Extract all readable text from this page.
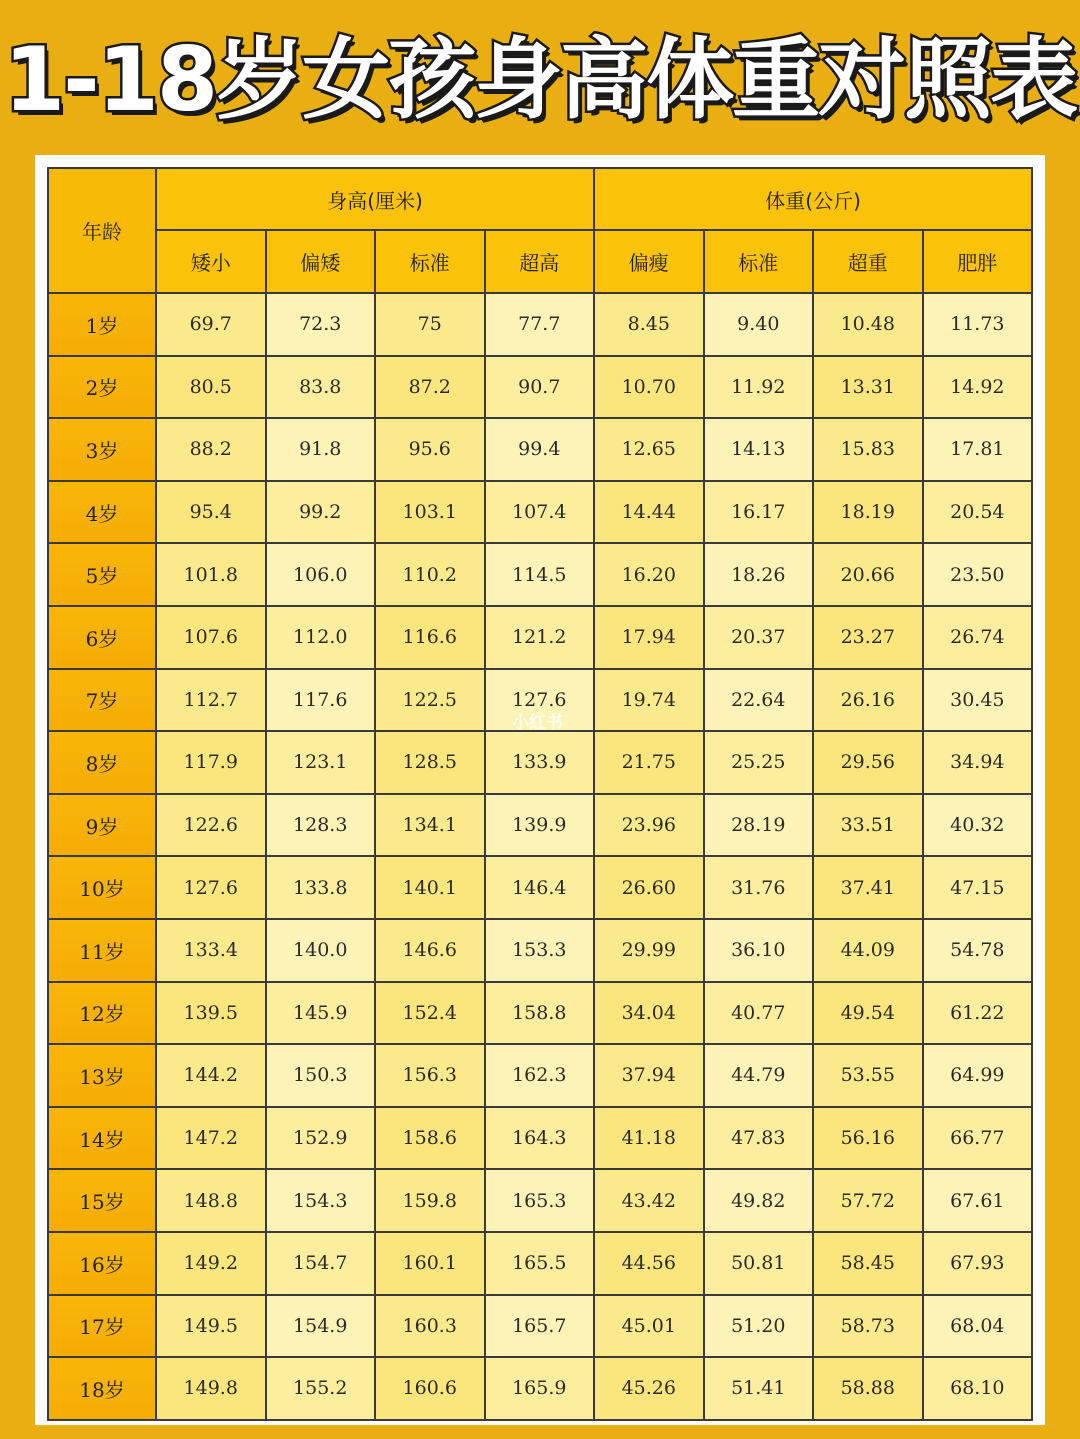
1-18岁女孩身高体重对照表
年龄	身高(厘米)				体重(公斤)			
	矮小	偏矮	标准	超高	偏瘦	标准	超重	肥胖
1岁	69.7	72.3	75	77.7	8.45	9.40	10.48	11.73
2岁	80.5	83.8	87.2	90.7	10.70	11.92	13.31	14.92
3岁	88.2	91.8	95.6	99.4	12.65	14.13	15.83	17.81
4岁	95.4	99.2	103.1	107.4	14.44	16.17	18.19	20.54
5岁	101.8	106.0	110.2	114.5	16.20	18.26	20.66	23.50
6岁	107.6	112.0	116.6	121.2	17.94	20.37	23.27	26.74
7岁	112.7	117.6	122.5	127.6	19.74	22.64	26.16	30.45
8岁	117.9	123.1	128.5	133.9	21.75	25.25	29.56	34.94
9岁	122.6	128.3	134.1	139.9	23.96	28.19	33.51	40.32
10岁	127.6	133.8	140.1	146.4	26.60	31.76	37.41	47.15
11岁	133.4	140.0	146.6	153.3	29.99	36.10	44.09	54.78
12岁	139.5	145.9	152.4	158.8	34.04	40.77	49.54	61.22
13岁	144.2	150.3	156.3	162.3	37.94	44.79	53.55	64.99
14岁	147.2	152.9	158.6	164.3	41.18	47.83	56.16	66.77
15岁	148.8	154.3	159.8	165.3	43.42	49.82	57.72	67.61
16岁	149.2	154.7	160.1	165.5	44.56	50.81	58.45	67.93
17岁	149.5	154.9	160.3	165.7	45.01	51.20	58.73	68.04
18岁	149.8	155.2	160.6	165.9	45.26	51.41	58.88	68.10
小红书
